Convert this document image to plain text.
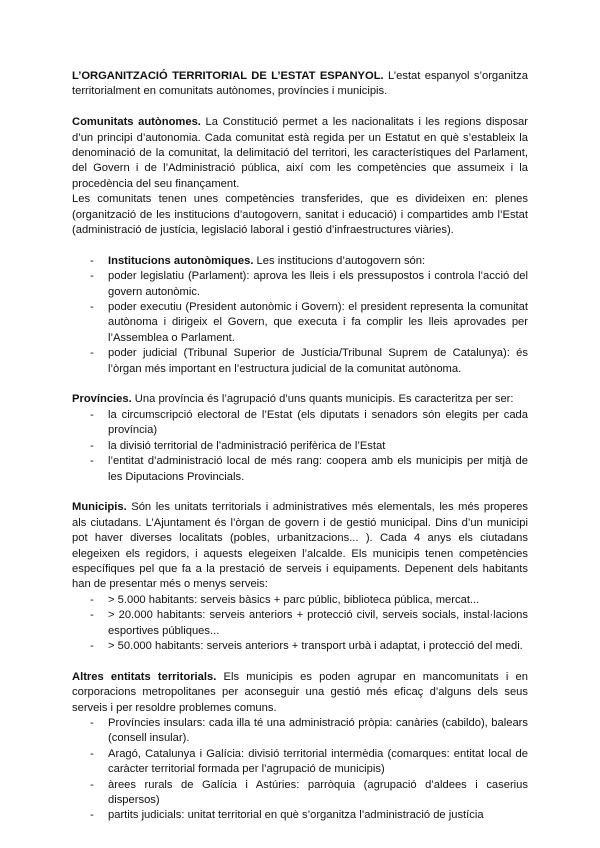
L’ORGANITZACIÓ TERRITORIAL DE L’ESTAT ESPANYOL. L’estat espanyol s’organitza territorialment en comunitats autònomes, províncies i municipis.

Comunitats autònomes. La Constitució permet a les nacionalitats i les regions disposar d’un principi d’autonomia. Cada comunitat està regida per un Estatut en què s’estableix la denominació de la comunitat, la delimitació del territori, les característiques del Parlament, del Govern i de l’Administració pública, així com les competències que assumeix i la procedència del seu finançament.

Les comunitats tenen unes competències transferides, que es divideixen en: plenes (organització de les institucions d’autogovern, sanitat i educació) i compartides amb l’Estat (administració de justícia, legislació laboral i gestió d’infraestructures viàries).

- Institucions autonòmiques. Les institucions d’autogovern són:
- poder legislatiu (Parlament): aprova les lleis i els pressupostos i controla l’acció del govern autonòmic.
- poder executiu (President autonòmic i Govern): el president representa la comunitat autònoma i dirigeix el Govern, que executa i fa complir les lleis aprovades per l’Assemblea o Parlament.
- poder judicial (Tribunal Superior de Justícia/Tribunal Suprem de Catalunya): és l’òrgan més important en l’estructura judicial de la comunitat autònoma.

Províncies. Una província és l’agrupació d’uns quants municipis. Es caracteritza per ser:

- la circumscripció electoral de l’Estat (els diputats i senadors són elegits per cada província)
- la divisió territorial de l’administració perifèrica de l’Estat
- l’entitat d’administració local de més rang: coopera amb els municipis per mitjà de les Diputacions Provincials.

Municipis. Són les unitats territorials i administratives més elementals, les més properes als ciutadans. L’Ajuntament és l’òrgan de govern i de gestió municipal. Dins d’un municipi pot haver diverses localitats (pobles, urbanitzacions... ). Cada 4 anys els ciutadans elegeixen els regidors, i aquests elegeixen l’alcalde. Els municipis tenen competències específiques pel que fa a la prestació de serveis i equipaments. Depenent dels habitants han de presentar més o menys serveis:

- > 5.000 habitants: serveis bàsics + parc públic, biblioteca pública, mercat...
- > 20.000 habitants: serveis anteriors + protecció civil, serveis socials, instal·lacions esportives públiques...
- > 50.000 habitants: serveis anteriors + transport urbà i adaptat, i protecció del medi.

Altres entitats territorials. Els municipis es poden agrupar en mancomunitats i en corporacions metropolitanes per aconseguir una gestió més eficaç d’alguns dels seus serveis i per resoldre problemes comuns.

- Províncies insulars: cada illa té una administració pròpia: canàries (cabildo), balears (consell insular).
- Aragó, Catalunya i Galícia: divisió territorial intermèdia (comarques: entitat local de caràcter territorial formada per l’agrupació de municipis)
- àrees rurals de Galícia i Astúries: parròquia (agrupació d’aldees i caserius dispersos)
- partits judicials: unitat territorial en què s’organitza l’administració de justícia
